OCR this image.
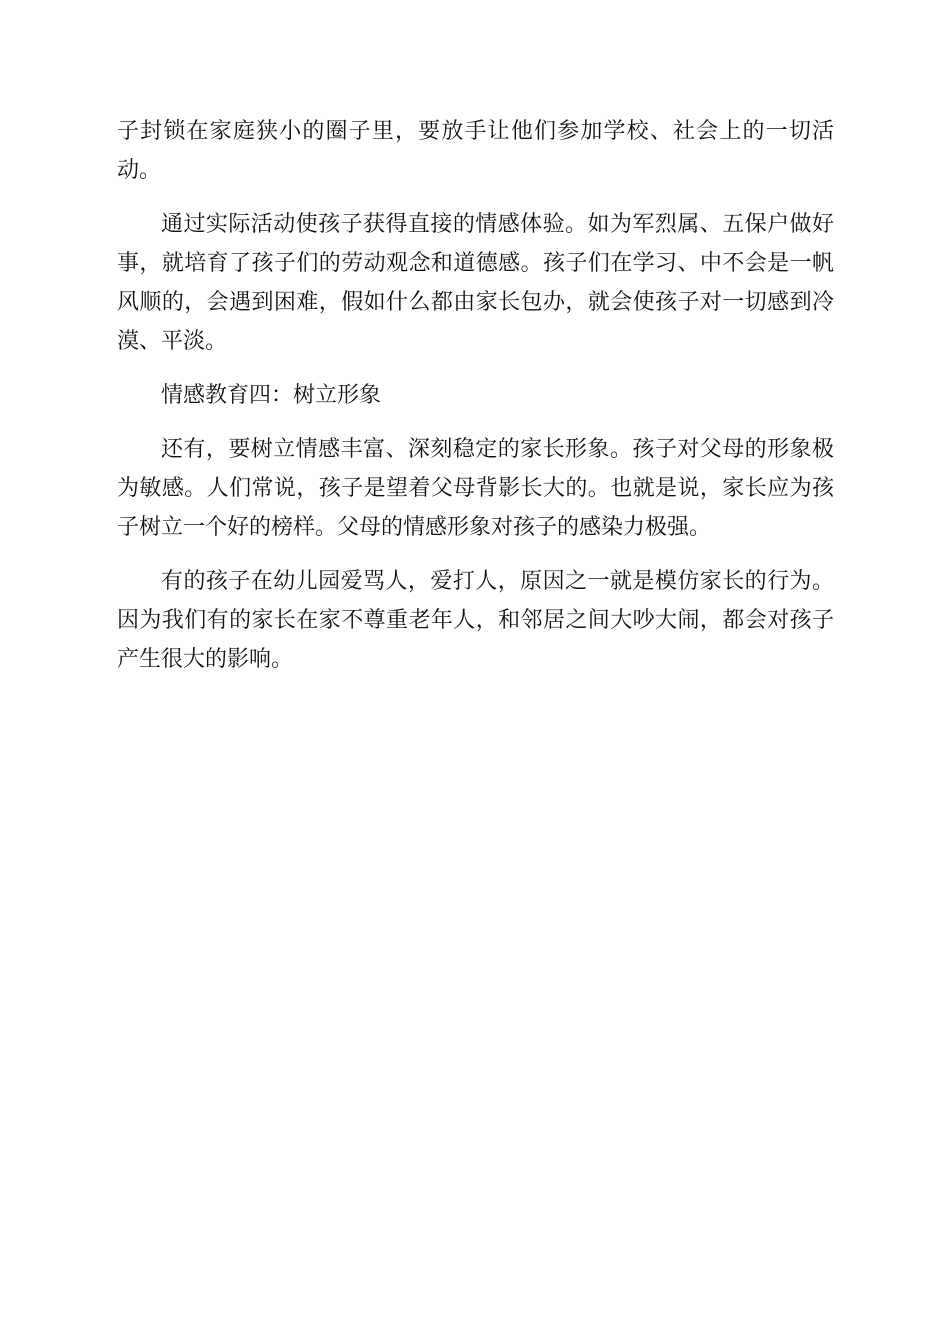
子封锁在家庭狭小的圈子里，要放手让他们参加学校、社会上的一切活动。

通过实际活动使孩子获得直接的情感体验。如为军烈属、五保户做好事，就培育了孩子们的劳动观念和道德感。孩子们在学习、中不会是一帆风顺的，会遇到困难，假如什么都由家长包办，就会使孩子对一切感到冷漠、平淡。

情感教育四：树立形象

还有，要树立情感丰富、深刻稳定的家长形象。孩子对父母的形象极为敏感。人们常说，孩子是望着父母背影长大的。也就是说，家长应为孩子树立一个好的榜样。父母的情感形象对孩子的感染力极强。

有的孩子在幼儿园爱骂人，爱打人，原因之一就是模仿家长的行为。因为我们有的家长在家不尊重老年人，和邻居之间大吵大闹，都会对孩子产生很大的影响。
